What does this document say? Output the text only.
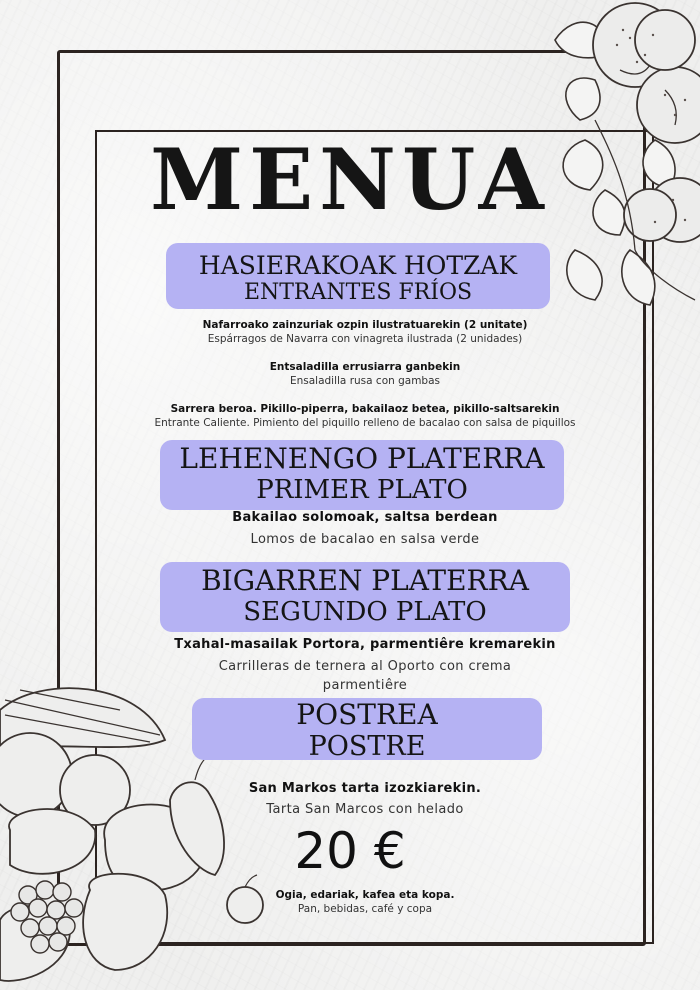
MENUA
HASIERAKOAK HOTZAK
ENTRANTES FRÍOS
Nafarroako zainzuriak ozpin ilustratuarekin (2 unitate)
Espárragos de Navarra con vinagreta ilustrada (2 unidades)
Entsaladilla errusiarra ganbekin
Ensaladilla rusa con gambas
Sarrera beroa. Pikillo-piperra, bakailaoz betea, pikillo-saltsarekin
Entrante Caliente. Pimiento del piquillo relleno de bacalao con salsa de piquillos
LEHENENGO PLATERRA
PRIMER PLATO
Bakailao solomoak, saltsa berdean
Lomos de bacalao en salsa verde
BIGARREN PLATERRA
SEGUNDO PLATO
Txahal-masailak Portora, parmentiêre kremarekin
Carrilleras de ternera al Oporto con crema
parmentiêre
POSTREA
POSTRE
San Markos tarta izozkiarekin.
Tarta San Marcos con helado
20 €
Ogia, edariak, kafea eta kopa.
Pan, bebidas, café y copa
